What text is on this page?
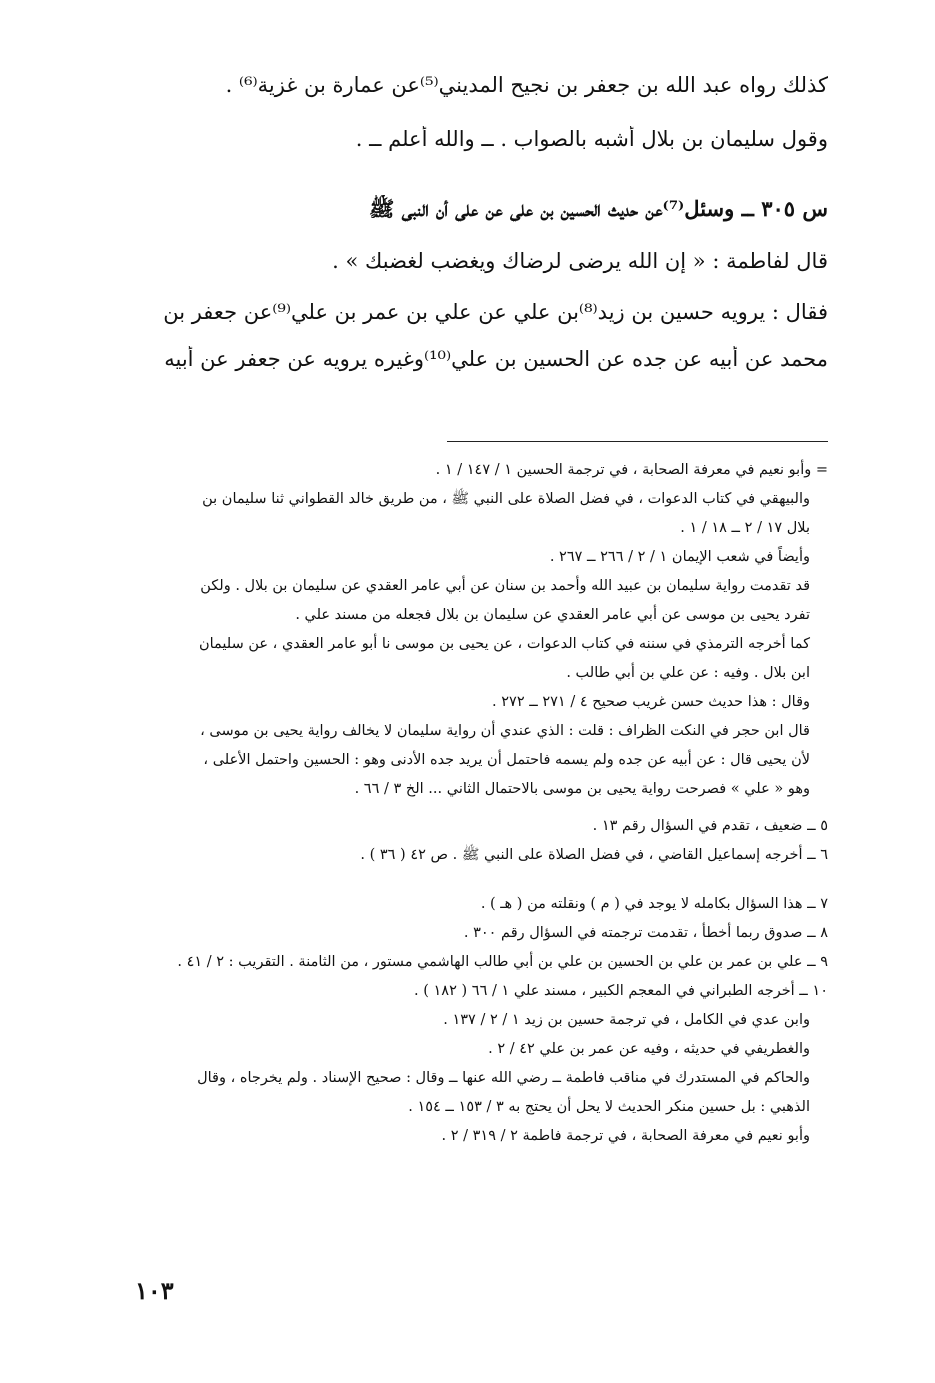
كذلك رواه عبد الله بن جعفر بن نجيح المديني⁽⁵⁾عن عمارة بن غزية⁽⁶⁾ .

وقول سليمان بن بلال أشبه بالصواب . ــ والله أعلم ــ .

س ٣٠٥ ــ وسئل⁽⁷⁾عن حديث الحسين بن علي عن علي أن النبي ﷺ

قال لفاطمة : « إن الله يرضى لرضاك ويغضب لغضبك » .

فقال : يرويه حسين بن زيد⁽⁸⁾بن علي عن علي بن عمر بن علي⁽⁹⁾عن جعفر بن

محمد عن أبيه عن جده عن الحسين بن علي⁽¹⁰⁾وغيره يرويه عن جعفر عن أبيه

= وأبو نعيم في معرفة الصحابة ، في ترجمة الحسين ١ / ١٤٧ / ١ .

والبيهقي في كتاب الدعوات ، في فضل الصلاة على النبي ﷺ ، من طريق خالد القطواني ثنا سليمان بن

بلال ١٧ / ٢ ــ ١٨ / ١ .

وأيضاً في شعب الإيمان ١ / ٢ / ٢٦٦ ــ ٢٦٧ .

قد تقدمت رواية سليمان بن عبيد الله وأحمد بن سنان عن أبي عامر العقدي عن سليمان بن بلال . ولكن

تفرد يحيى بن موسى عن أبي عامر العقدي عن سليمان بن بلال فجعله من مسند علي .

كما أخرجه الترمذي في سننه في كتاب الدعوات ، عن يحيى بن موسى نا أبو عامر العقدي ، عن سليمان

ابن بلال . وفيه : عن علي بن أبي طالب .

وقال : هذا حديث حسن غريب صحيح ٤ / ٢٧١ ــ ٢٧٢ .

قال ابن حجر في النكت الظراف : قلت : الذي عندي أن رواية سليمان لا يخالف رواية يحيى بن موسى ،

لأن يحيى قال : عن أبيه عن جده ولم يسمه فاحتمل أن يريد جده الأدنى وهو : الحسين واحتمل الأعلى ،

وهو « علي » فصرحت رواية يحيى بن موسى بالاحتمال الثاني ... الخ ٣ / ٦٦ .

٥ ــ ضعيف ، تقدم في السؤال رقم ١٣ .

٦ ــ أخرجه إسماعيل القاضي ، في فضل الصلاة على النبي ﷺ . ص ٤٢ ( ٣٦ ) .

٧ ــ هذا السؤال بكامله لا يوجد في ( م ) ونقلته من ( هـ ) .

٨ ــ صدوق ربما أخطأ ، تقدمت ترجمته في السؤال رقم ٣٠٠ .

٩ ــ علي بن عمر بن علي بن الحسين بن علي بن أبي طالب الهاشمي مستور ، من الثامنة . التقريب : ٢ / ٤١ .

١٠ ــ أخرجه الطبراني في المعجم الكبير ، مسند علي ١ / ٦٦ ( ١٨٢ ) .

وابن عدي في الكامل ، في ترجمة حسين بن زيد ١ / ٢ / ١٣٧ .

والغطريفي في حديثه ، وفيه عن عمر بن علي ٤٢ / ٢ .

والحاكم في المستدرك في مناقب فاطمة ــ رضي الله عنها ــ وقال : صحيح الإسناد . ولم يخرجاه ، وقال

الذهبي : بل حسين منكر الحديث لا يحل أن يحتج به ٣ / ١٥٣ ــ ١٥٤ .

وأبو نعيم في معرفة الصحابة ، في ترجمة فاطمة ٢ / ٣١٩ / ٢ .

١٠٣
